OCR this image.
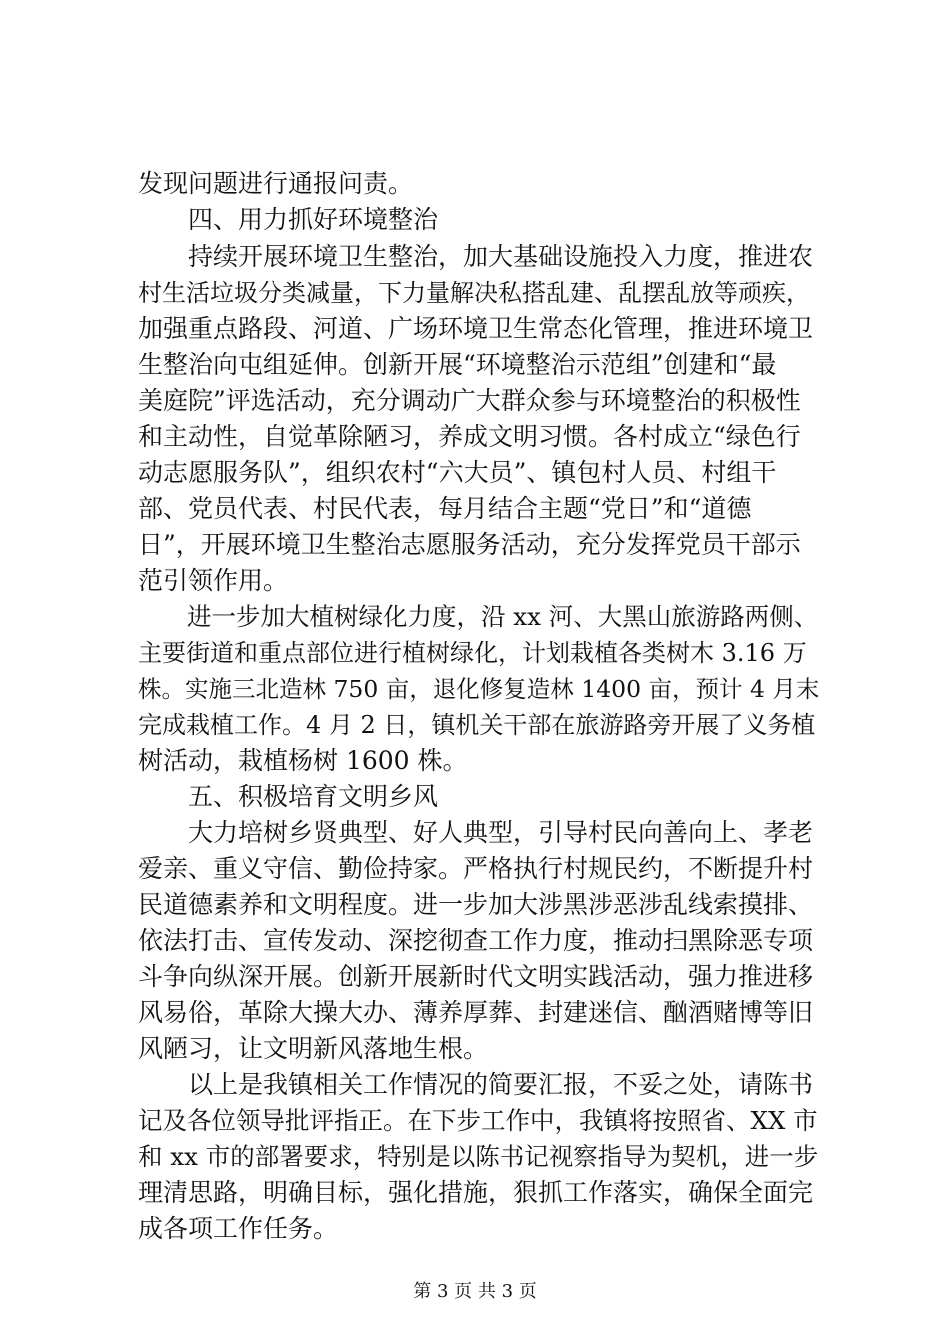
发现问题进行通报问责。
　　四、用力抓好环境整治
　　持续开展环境卫生整治，加大基础设施投入力度，推进农
村生活垃圾分类减量，下力量解决私搭乱建、乱摆乱放等顽疾，
加强重点路段、河道、广场环境卫生常态化管理，推进环境卫
生整治向屯组延伸。创新开展“环境整治示范组”创建和“最
美庭院”评选活动，充分调动广大群众参与环境整治的积极性
和主动性，自觉革除陋习，养成文明习惯。各村成立“绿色行
动志愿服务队”，组织农村“六大员”、镇包村人员、村组干
部、党员代表、村民代表，每月结合主题“党日”和“道德
日”，开展环境卫生整治志愿服务活动，充分发挥党员干部示
范引领作用。
　　进一步加大植树绿化力度，沿 xx 河、大黑山旅游路两侧、
主要街道和重点部位进行植树绿化，计划栽植各类树木 3.16 万
株。实施三北造林 750 亩，退化修复造林 1400 亩，预计 4 月末
完成栽植工作。4 月 2 日，镇机关干部在旅游路旁开展了义务植
树活动，栽植杨树 1600 株。
　　五、积极培育文明乡风
　　大力培树乡贤典型、好人典型，引导村民向善向上、孝老
爱亲、重义守信、勤俭持家。严格执行村规民约，不断提升村
民道德素养和文明程度。进一步加大涉黑涉恶涉乱线索摸排、
依法打击、宣传发动、深挖彻查工作力度，推动扫黑除恶专项
斗争向纵深开展。创新开展新时代文明实践活动，强力推进移
风易俗，革除大操大办、薄养厚葬、封建迷信、酗酒赌博等旧
风陋习，让文明新风落地生根。
　　以上是我镇相关工作情况的简要汇报，不妥之处，请陈书
记及各位领导批评指正。在下步工作中，我镇将按照省、XX 市
和 xx 市的部署要求，特别是以陈书记视察指导为契机，进一步
理清思路，明确目标，强化措施，狠抓工作落实，确保全面完
成各项工作任务。
第 3 页 共 3 页
